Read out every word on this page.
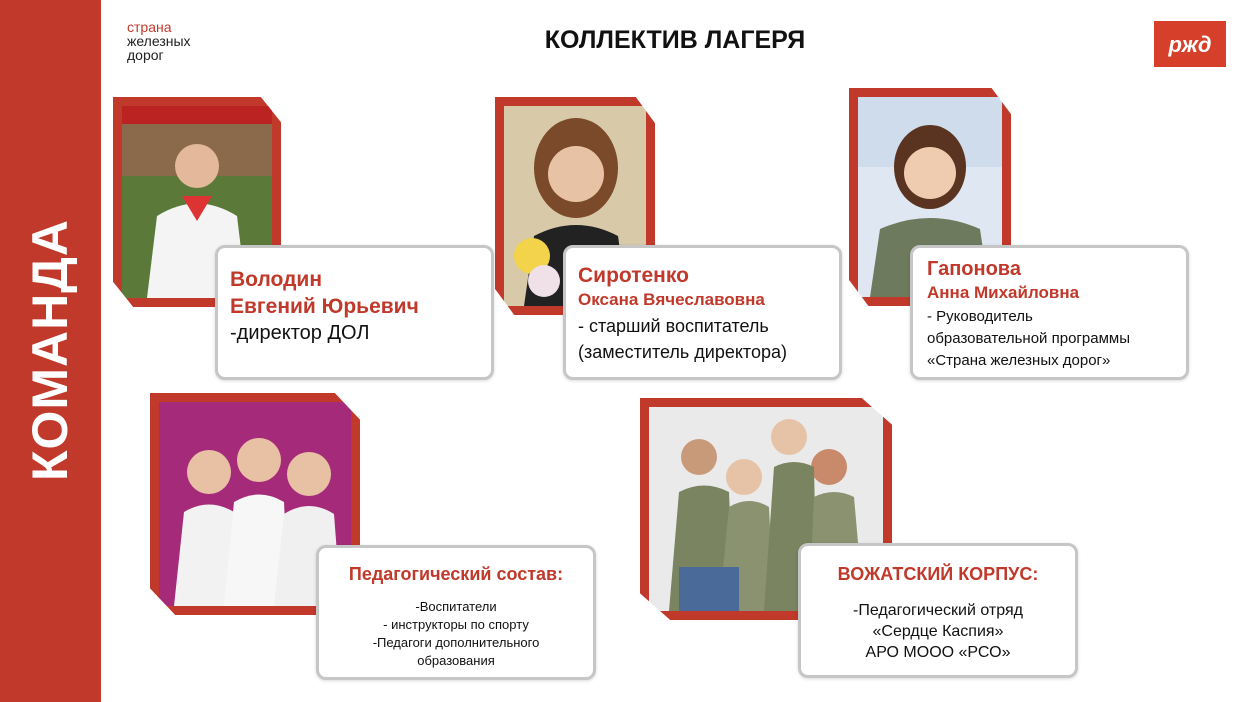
КОМАНДА
страна
железных
дорог
КОЛЛЕКТИВ ЛАГЕРЯ	ржд
Володин
Евгений Юрьевич
-директор ДОЛ
Сиротенко
Оксана Вячеславовна
- старший воспитатель
(заместитель директора)
Гапонова
Анна Михайловна
- Руководитель
образовательной программы
«Страна железных дорог»
Педагогический состав:
-Воспитатели
- инструкторы по спорту
-Педагоги дополнительного
образования
ВОЖАТСКИЙ КОРПУС:
-Педагогический отряд
«Сердце Каспия»
АРО МООО «РСО»
